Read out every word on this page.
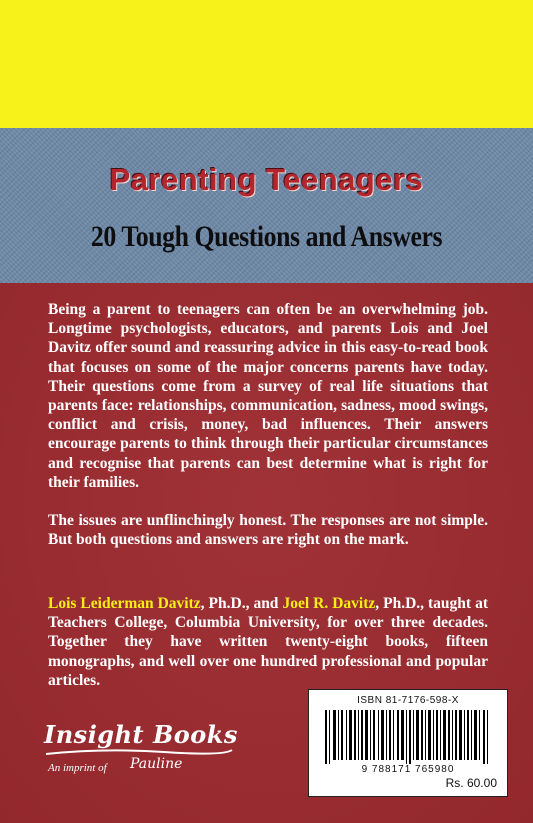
Parenting Teenagers
20 Tough Questions and Answers
Being a parent to teenagers can often be an overwhelming job. Longtime psychologists, educators, and parents Lois and Joel Davitz offer sound and reassuring advice in this easy-to-read book that focuses on some of the major concerns parents have today. Their questions come from a survey of real life situations that parents face: relationships, communication, sadness, mood swings, conflict and crisis, money, bad influences. Their answers encourage parents to think through their particular circumstances and recognise that parents can best determine what is right for their families.
The issues are unflinchingly honest. The responses are not simple. But both questions and answers are right on the mark.
Lois Leiderman Davitz, Ph.D., and Joel R. Davitz, Ph.D., taught at Teachers College, Columbia University, for over three decades. Together they have written twenty-eight books, fifteen monographs, and well over one hundred professional and popular articles.
Insight Books
An imprint of Pauline
ISBN 81-7176-598-X
9 788171 765980
Rs. 60.00
